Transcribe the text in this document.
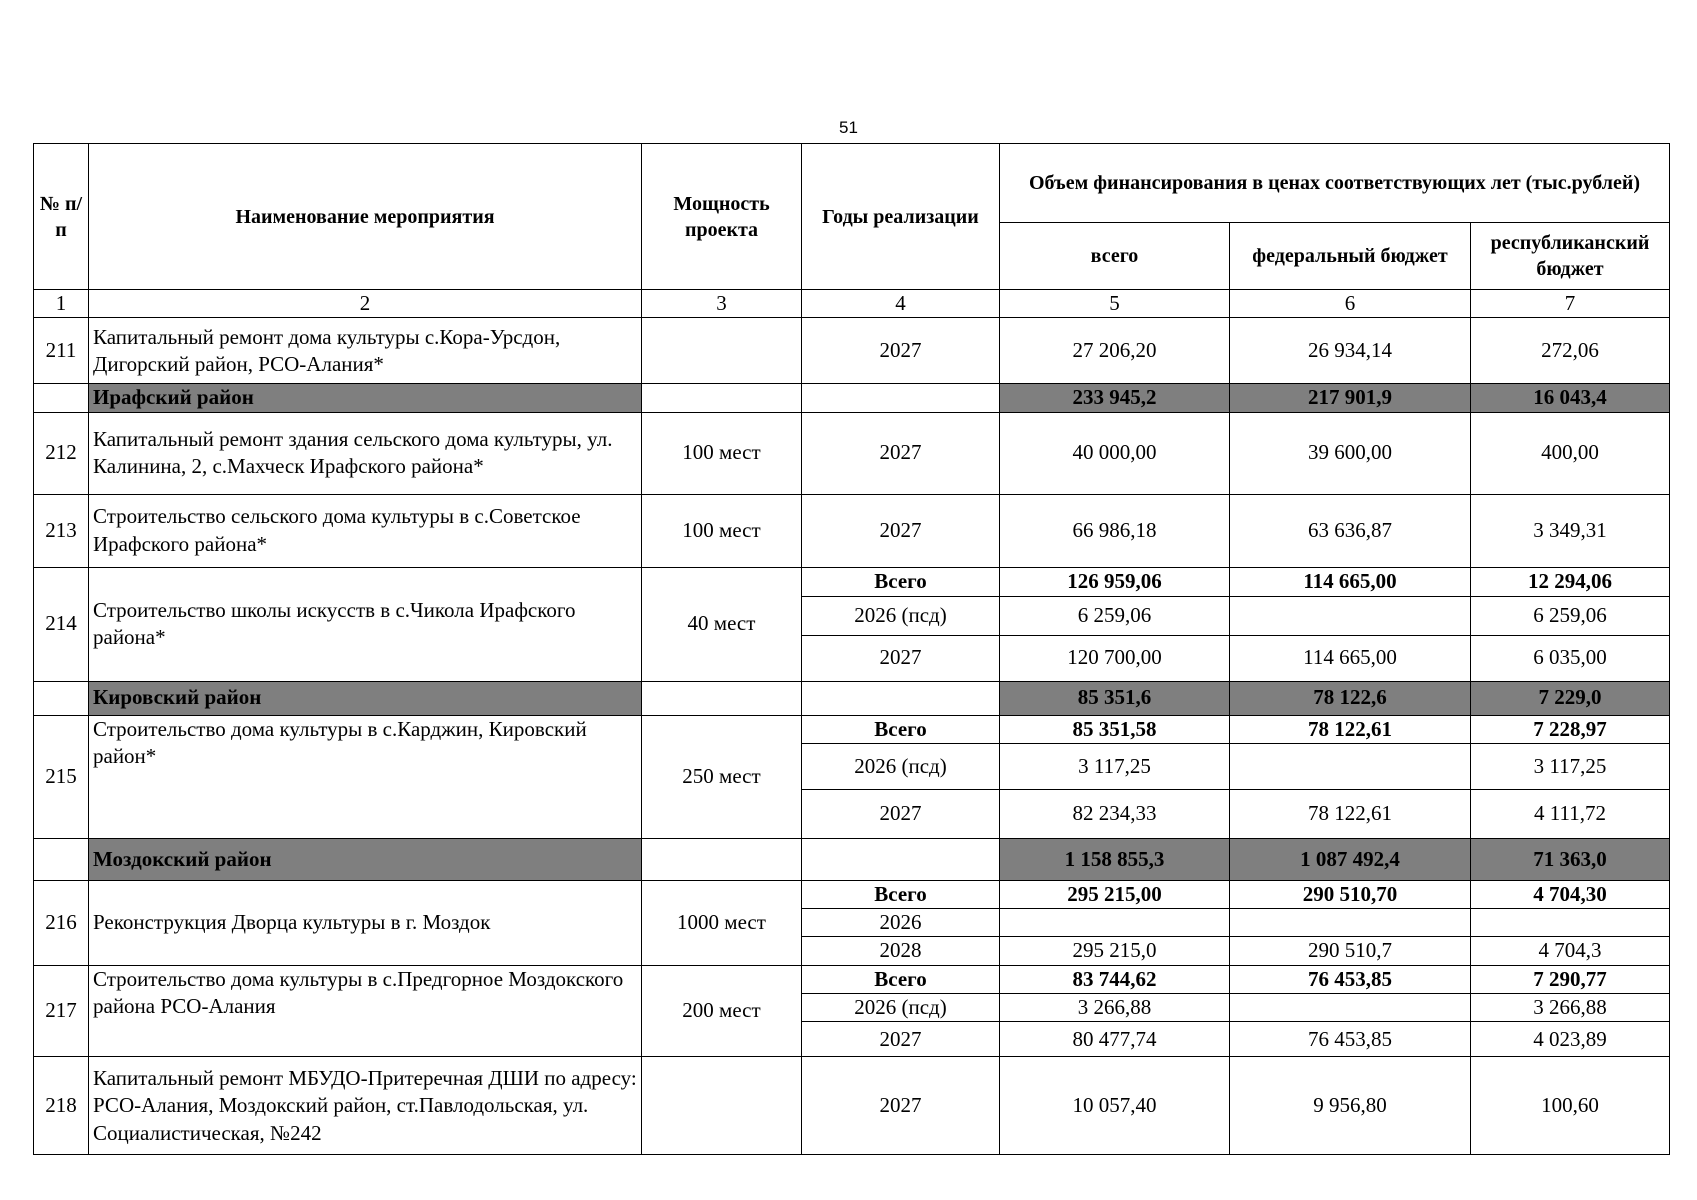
51
№ п/п	Наименование мероприятия	Мощность проекта	Годы реализации	Объем финансирования в ценах соответствующих лет (тыс.рублей)		
				всего	федеральный бюджет	республиканский бюджет
1	2	3	4	5	6	7
211	Капитальный ремонт дома культуры с.Кора-Урсдон, Дигорский район, РСО-Алания*		2027	27 206,20	26 934,14	272,06
	Ирафский район			233 945,2	217 901,9	16 043,4
212	Капитальный ремонт здания сельского дома культуры, ул. Калинина, 2, с.Махческ Ирафского района*	100 мест	2027	40 000,00	39 600,00	400,00
213	Строительство сельского дома культуры в с.Советское Ирафского района*	100 мест	2027	66 986,18	63 636,87	3 349,31
214	Строительство школы искусств в с.Чикола Ирафского района*	40 мест	Всего	126 959,06	114 665,00	12 294,06
			2026 (псд)	6 259,06		6 259,06
			2027	120 700,00	114 665,00	6 035,00
	Кировский район			85 351,6	78 122,6	7 229,0
215	Строительство дома культуры в с.Карджин, Кировский район*	250 мест	Всего	85 351,58	78 122,61	7 228,97
			2026 (псд)	3 117,25		3 117,25
			2027	82 234,33	78 122,61	4 111,72
	Моздокский район			1 158 855,3	1 087 492,4	71 363,0
216	Реконструкция Дворца культуры в г. Моздок	1000 мест	Всего	295 215,00	290 510,70	4 704,30
			2026			
			2028	295 215,0	290 510,7	4 704,3
217	Строительство дома культуры в с.Предгорное Моздокского района РСО-Алания	200 мест	Всего	83 744,62	76 453,85	7 290,77
			2026 (псд)	3 266,88		3 266,88
			2027	80 477,74	76 453,85	4 023,89
218	Капитальный ремонт МБУДО-Притеречная ДШИ по адресу: РСО-Алания, Моздокский район, ст.Павлодольская, ул. Социалистическая, №242		2027	10 057,40	9 956,80	100,60
